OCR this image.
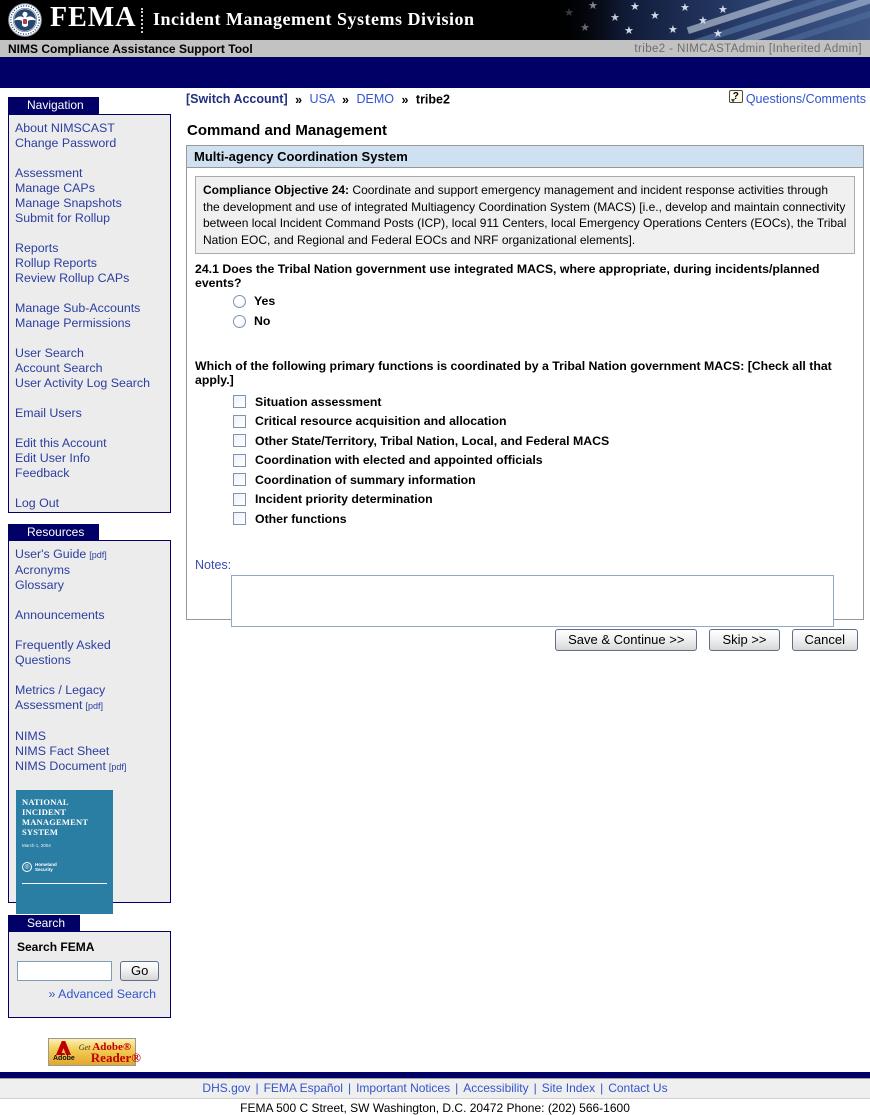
★
★
★
★
★
★
★
★
FEMA Incident Management Systems Division
NIMS Compliance Assistance Support Tool	tribe2 - NIMCASTAdmin [Inherited Admin]
Navigation
About NIMSCAST
Change Password
Assessment
Manage CAPs
Manage Snapshots
Submit for Rollup
Reports
Rollup Reports
Review Rollup CAPs
Manage Sub-Accounts
Manage Permissions
User Search
Account Search
User Activity Log Search
Email Users
Edit this Account
Edit User Info
Feedback
Log Out
Resources
User's Guide [pdf]
Acronyms
Glossary
Announcements
Frequently Asked Questions
Metrics / Legacy Assessment [pdf]
NIMS
NIMS Fact Sheet
NIMS Document [pdf]
NATIONAL INCIDENT MANAGEMENT SYSTEM
March 1, 2004
◎	Homeland
Security
Search
Search FEMA
Go
» Advanced Search
Adobe
Get Adobe®
Reader®
[Switch Account] » USA » DEMO » tribe2	? Questions/Comments
Command and Management
Multi-agency Coordination System
Compliance Objective 24: Coordinate and support emergency management and incident response activities through the development and use of integrated Multiagency Coordination System (MACS) [i.e., develop and maintain connectivity between local Incident Command Posts (ICP), local 911 Centers, local Emergency Operations Centers (EOCs), the Tribal Nation EOC, and Regional and Federal EOCs and NRF organizational elements].
24.1 Does the Tribal Nation government use integrated MACS, where appropriate, during incidents/planned events?
Yes
No
Which of the following primary functions is coordinated by a Tribal Nation government MACS: [Check all that apply.]
Situation assessment
Critical resource acquisition and allocation
Other State/Territory, Tribal Nation, Local, and Federal MACS
Coordination with elected and appointed officials
Coordination of summary information
Incident priority determination
Other functions
Notes:
Save & Continue >>	Skip >>	Cancel
DHS.gov | FEMA Español | Important Notices | Accessibility | Site Index | Contact Us
FEMA 500 C Street, SW Washington, D.C. 20472 Phone: (202) 566-1600
